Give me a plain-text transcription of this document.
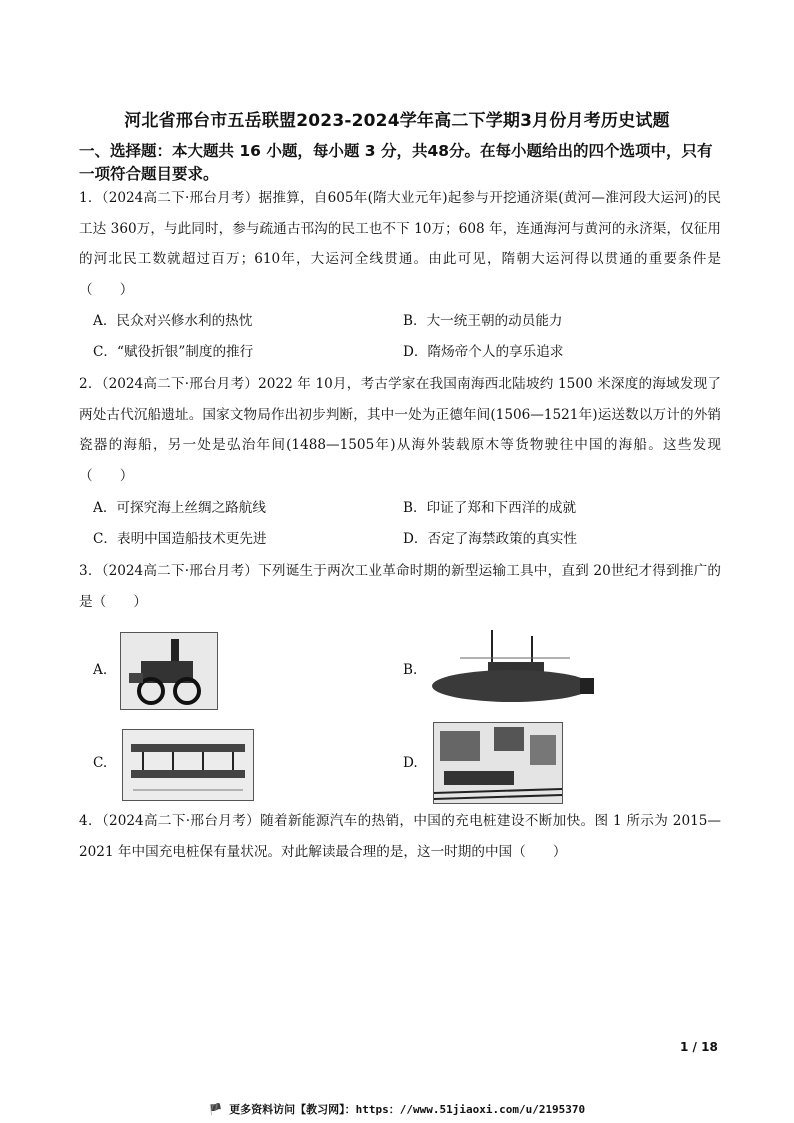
河北省邢台市五岳联盟2023-2024学年高二下学期3月份月考历史试题
一、选择题：本大题共 16 小题，每小题 3 分，共48分。在每小题给出的四个选项中，只有一项符合题目要求。
1．（2024高二下·邢台月考）据推算，自605年(隋大业元年)起参与开挖通济渠(黄河—淮河段大运河)的民工达 360万，与此同时，参与疏通古邗沟的民工也不下 10万；608 年，连通海河与黄河的永济渠，仅征用的河北民工数就超过百万；610年，大运河全线贯通。由此可见，隋朝大运河得以贯通的重要条件是（　　）
A．民众对兴修水利的热忱	B．大一统王朝的动员能力
C．“赋役折银”制度的推行	D．隋炀帝个人的享乐追求
2．（2024高二下·邢台月考）2022 年 10月，考古学家在我国南海西北陆坡约 1500 米深度的海域发现了两处古代沉船遗址。国家文物局作出初步判断，其中一处为正德年间(1506—1521年)运送数以万计的外销瓷器的海船，另一处是弘治年间(1488—1505年)从海外装载原木等货物驶往中国的海船。这些发现（　　）
A．可探究海上丝绸之路航线	B．印证了郑和下西洋的成就
C．表明中国造船技术更先进	D．否定了海禁政策的真实性
3．（2024高二下·邢台月考）下列诞生于两次工业革命时期的新型运输工具中，直到 20世纪才得到推广的是（　　）
A.	B.
C.	D.
4．（2024高二下·邢台月考）随着新能源汽车的热销，中国的充电桩建设不断加快。图 1 所示为 2015—2021 年中国充电桩保有量状况。对此解读最合理的是，这一时期的中国（　　）
1 / 18
🏴 更多资料访问【教习网】：https：//www.51jiaoxi.com/u/2195370
